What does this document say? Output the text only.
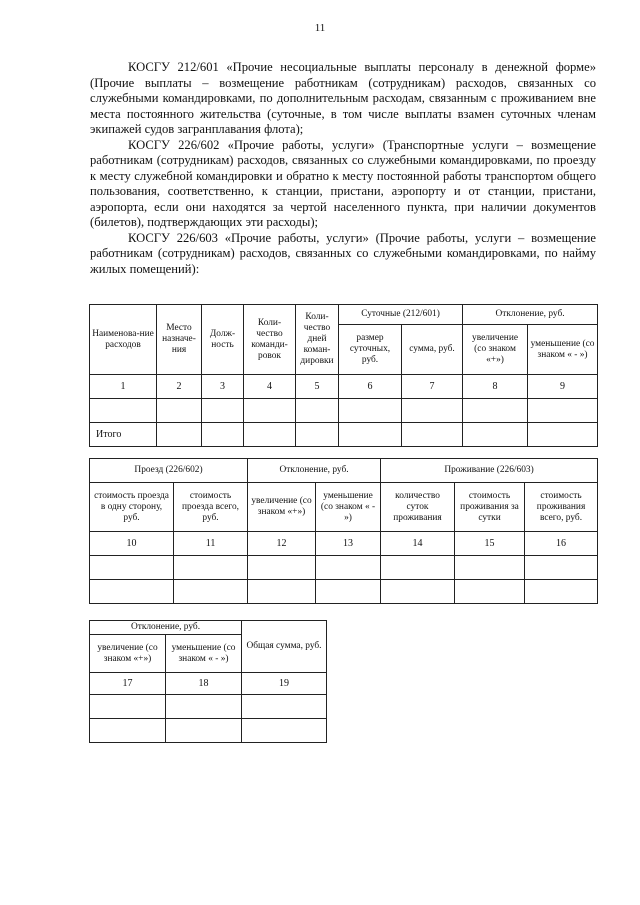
11

КОСГУ 212/601 «Прочие несоциальные выплаты персоналу в денежной форме» (Прочие выплаты – возмещение работникам (сотрудникам) расходов, связанных со служебными командировками, по дополнительным расходам, связанным с проживанием вне места постоянного жительства (суточные, в том числе выплаты взамен суточных членам экипажей судов загранплавания флота);

КОСГУ 226/602 «Прочие работы, услуги» (Транспортные услуги – возмещение работникам (сотрудникам) расходов, связанных со служебными командировками, по проезду к месту служебной командировки и обратно к месту постоянной работы транспортом общего пользования, соответственно, к станции, пристани, аэропорту и от станции, пристани, аэропорта, если они находятся за чертой населенного пункта, при наличии документов (билетов), подтверждающих эти расходы);

КОСГУ 226/603 «Прочие работы, услуги» (Прочие работы, услуги – возмещение работникам (сотрудникам) расходов, связанных со служебными командировками, по найму жилых помещений):

Наименова-ние расходов	Место назначе-ния	Долж-ность	Коли-чество команди-ровок	Коли-чество дней коман-дировки	Суточные (212/601)		Отклонение, руб.	
					размер суточных, руб.	сумма, руб.	увеличение (со знаком «+»)	уменьшение (со знаком « - »)
1	2	3	4	5	6	7	8	9

Итого								
Проезд (226/602)		Отклонение, руб.		Проживание (226/603)		
стоимость проезда в одну сторону, руб.	стоимость проезда всего, руб.	увеличение (со знаком «+»)	уменьшение (со знаком « - »)	количество суток проживания	стоимость проживания за сутки	стоимость проживания всего, руб.
10	11	12	13	14	15	16

Отклонение, руб.		Общая сумма, руб.
увеличение (со знаком «+»)	уменьшение (со знаком « - »)	
17	18	19
